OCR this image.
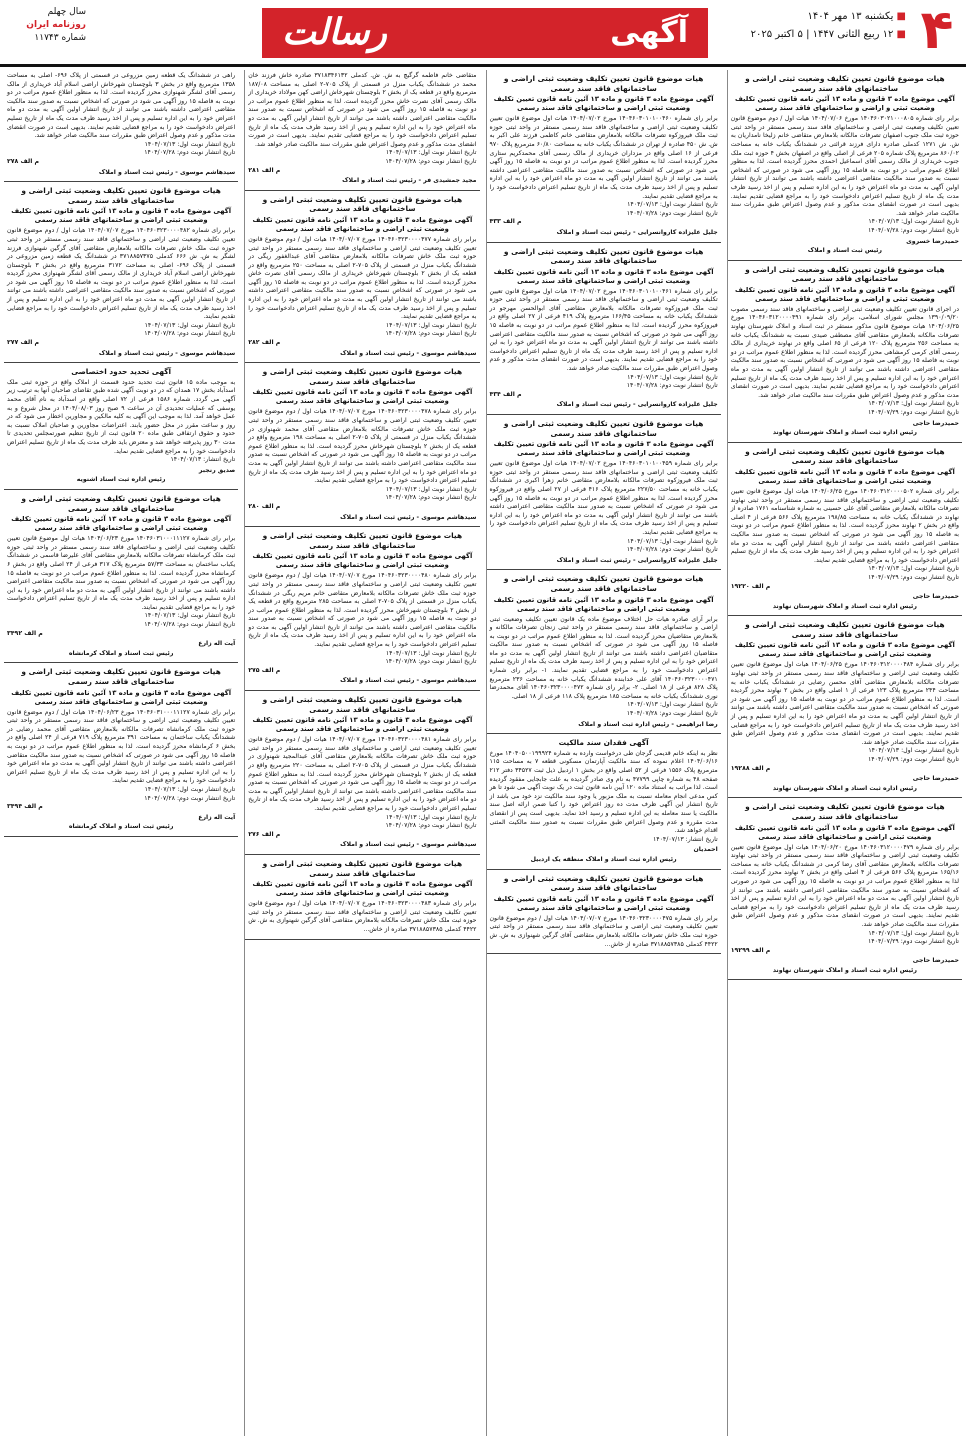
۴
■ یکشنبه ۱۳ مهر ۱۴۰۴
■ ۱۲ ربیع الثانی ۱۴۴۷ | ۵ اکتبر ۲۰۲۵
آگهی
رسالت
سال چهلم
روزنامه ایران
شماره ۱۱۷۴۳
هیات موضوع قانون تعیین تکلیف وضعیت ثبتی اراضی و ساختمانهای فاقد سند رسمی
آگهی موضوع ماده ۳ قانون و ماده ۱۳ آئین نامه قانون تعیین تکلیف وضعیت ثبتی و اراضی و ساختمانهای فاقد سند رسمی
برابر رای شماره ۱۴۰۴۶۰۳۰۲۱۰۰۰۸۰۵ مورخ ۱۴۰۴/۰۷/۰۶ هیات اول / دوم موضوع قانون تعیین تکلیف وضعیت ثبتی اراضی و ساختمانهای فاقد سند رسمی مستقر در واحد ثبتی حوزه ثبت ملک جنوب اصفهان تصرفات مالکانه بلامعارض متقاضی خانم زلیخا نامداریان به ش. ش ۱۲۷۱ کدملی صادره دارای فرزند قرائتی در ششدانگ یکباب خانه به مساحت ۸۶۰/۰۲ مترمربع پلاک شماره ۲۰۵ فرعی از اصلی واقع در اصفهان بخش ۴ حوزه ثبت ملک جنوب خریداری از مالک رسمی آقای اسماعیل احمدی محرز گردیده است. لذا به منظور اطلاع عموم مراتب در دو نوبت به فاصله ۱۵ روز آگهی می شود در صورتی که اشخاص نسبت به صدور سند مالکیت متقاضی اعتراضی داشته باشند می توانند از تاریخ انتشار اولین آگهی به مدت دو ماه اعتراض خود را به این اداره تسلیم و پس از اخذ رسید ظرف مدت یک ماه از تاریخ تسلیم اعتراض دادخواست خود را به مراجع قضایی تقدیم نمایند. بدیهی است در صورت انقضای مدت مذکور و عدم وصول اعتراض طبق مقررات سند مالکیت صادر خواهد شد.
تاریخ انتشار نوبت اول: ۱۴۰۴/۰۷/۱۳
تاریخ انتشار نوبت دوم: ۱۴۰۴/۰۷/۲۸
حمیدرضا خسروی
رئیس ثبت اسناد و املاک
هیات موضوع قانون تعیین تکلیف وضعیت ثبتی اراضی و ساختمانهای فاقد سند رسمی
آگهی موضوع ماده ۳ قانون و ماده ۱۳ آئین نامه قانون تعیین تکلیف وضعیت ثبتی و اراضی و ساختمانهای فاقد سند رسمی
در اجرای قانون تعیین تکلیف وضعیت ثبتی اراضی و ساختمانهای فاقد سند رسمی مصوب ۱۳۹۰/۰۹/۲۰ مجلس شورای اسلامی، برابر رای شماره ۱۴۰۴۶۰۳۱۲۰۰۰۰۴۹۱ مورخ ۱۴۰۴/۰۶/۲۵ هیات موضوع قانون مذکور مستقر در ثبت اسناد و املاک شهرستان نهاوند تصرفات مالکانه بلامعارض متقاضی آقای مصطفی صیدی نسبت به ششدانگ یکباب خانه به مساحت ۲۵۶ مترمربع پلاک ۱۲۰ فرعی از ۶۵ اصلی واقع در نهاوند خریداری از مالک رسمی آقای کرمی کرمشاهی محرز گردیده است. لذا به منظور اطلاع عموم مراتب در دو نوبت به فاصله ۱۵ روز آگهی می شود در صورتی که اشخاص نسبت به صدور سند مالکیت متقاضی اعتراضی داشته باشند می توانند از تاریخ انتشار اولین آگهی به مدت دو ماه اعتراض خود را به این اداره تسلیم و پس از اخذ رسید ظرف مدت یک ماه از تاریخ تسلیم اعتراض دادخواست خود را به مراجع قضایی تقدیم نمایند. بدیهی است در صورت انقضای مدت مذکور و عدم وصول اعتراض طبق مقررات سند مالکیت صادر خواهد شد.
تاریخ انتشار نوبت اول: ۱۴۰۴/۰۷/۱۳
تاریخ انتشار نوبت دوم: ۱۴۰۴/۰۷/۲۹
حمیدرضا حاجی
رئیس اداره ثبت اسناد و املاک شهرستان نهاوند
هیات موضوع قانون تعیین تکلیف وضعیت ثبتی اراضی و ساختمانهای فاقد سند رسمی
آگهی موضوع ماده ۳ قانون و ماده ۱۳ آئین نامه قانون تعیین تکلیف وضعیت ثبتی اراضی و ساختمانهای فاقد سند رسمی
برابر رای شماره ۱۴۰۴۶۰۳۱۲۰۰۰۰۵۰۲ مورخ ۱۴۰۴/۰۶/۲۵ هیات اول موضوع قانون تعیین تکلیف وضعیت ثبتی اراضی و ساختمانهای فاقد سند رسمی مستقر در واحد ثبتی نهاوند تصرفات مالکانه بلامعارض متقاضی آقای علی حسینی به شماره شناسنامه ۱۷۶۱ صادره از نهاوند در ششدانگ یکباب خانه به مساحت ۱۹۸/۸۵ مترمربع پلاک ۵۶۶ فرعی از ۴ اصلی واقع در بخش ۲ نهاوند محرز گردیده است. لذا به منظور اطلاع عموم مراتب در دو نوبت به فاصله ۱۵ روز آگهی می شود در صورتی که اشخاص نسبت به صدور سند مالکیت متقاضی اعتراضی داشته باشند می توانند از تاریخ انتشار اولین آگهی به مدت دو ماه اعتراض خود را به این اداره تسلیم و پس از اخذ رسید ظرف مدت یک ماه از تاریخ تسلیم اعتراض دادخواست خود را به مراجع قضایی تقدیم نمایند.
تاریخ انتشار نوبت اول: ۱۴۰۴/۰۷/۱۳
تاریخ انتشار نوبت دوم: ۱۴۰۴/۰۷/۲۹
م الف ۱۹۲۲۰
حمیدرضا حاجی
رئیس اداره ثبت اسناد و املاک شهرستان نهاوند
هیات موضوع قانون تعیین تکلیف وضعیت ثبتی اراضی و ساختمانهای فاقد سند رسمی
آگهی موضوع ماده ۳ قانون و ماده ۱۳ آئین نامه قانون تعیین تکلیف وضعیت ثبتی اراضی و ساختمانهای فاقد سند رسمی
برابر رای شماره ۱۴۰۴۶۰۳۱۲۰۰۰۰۴۸۴ مورخ ۱۴۰۴/۰۶/۲۵ هیات اول موضوع قانون تعیین تکلیف وضعیت ثبتی اراضی و ساختمانهای فاقد سند رسمی مستقر در واحد ثبتی نهاوند تصرفات مالکانه بلامعارض متقاضی آقای محسن رضایی در ششدانگ یکباب خانه به مساحت ۲۴۴ مترمربع پلاک ۱۲۳ فرعی از ۱ اصلی واقع در بخش ۲ نهاوند محرز گردیده است. لذا به منظور اطلاع عموم مراتب در دو نوبت به فاصله ۱۵ روز آگهی می شود در صورتی که اشخاص نسبت به صدور سند مالکیت متقاضی اعتراضی داشته باشند می توانند از تاریخ انتشار اولین آگهی به مدت دو ماه اعتراض خود را به این اداره تسلیم و پس از اخذ رسید ظرف مدت یک ماه از تاریخ تسلیم اعتراض دادخواست خود را به مراجع قضایی تقدیم نمایند. بدیهی است در صورت انقضای مدت مذکور و عدم وصول اعتراض طبق مقررات سند مالکیت صادر خواهد شد.
تاریخ انتشار نوبت اول: ۱۴۰۴/۰۷/۱۳
تاریخ انتشار نوبت دوم: ۱۴۰۴/۰۷/۲۹
م الف ۱۹۲۸۸
حمیدرضا حاجی
رئیس اداره ثبت اسناد و املاک شهرستان نهاوند
هیات موضوع قانون تعیین تکلیف وضعیت ثبتی اراضی و ساختمانهای فاقد سند رسمی
آگهی موضوع ماده ۳ قانون و ماده ۱۳ آئین نامه قانون تعیین تکلیف وضعیت ثبتی اراضی و ساختمانهای فاقد سند رسمی
برابر رای شماره ۱۴۰۴۶۰۳۱۲۰۰۰۰۴۷۹ مورخ ۱۴۰۴/۰۶/۲۰ هیات اول موضوع قانون تعیین تکلیف وضعیت ثبتی اراضی و ساختمانهای فاقد سند رسمی مستقر در واحد ثبتی نهاوند تصرفات مالکانه بلامعارض متقاضی آقای رضا کرمی در ششدانگ یکباب خانه به مساحت ۱۶۵/۱۶ مترمربع پلاک ۵۶۶ فرعی از ۴ اصلی واقع در بخش ۲ نهاوند محرز گردیده است. لذا به منظور اطلاع عموم مراتب در دو نوبت به فاصله ۱۵ روز آگهی می شود در صورتی که اشخاص نسبت به صدور سند مالکیت متقاضی اعتراضی داشته باشند می توانند از تاریخ انتشار اولین آگهی به مدت دو ماه اعتراض خود را به این اداره تسلیم و پس از اخذ رسید ظرف مدت یک ماه از تاریخ تسلیم اعتراض دادخواست خود را به مراجع قضایی تقدیم نمایند. بدیهی است در صورت انقضای مدت مذکور و عدم وصول اعتراض طبق مقررات سند مالکیت صادر خواهد شد.
تاریخ انتشار نوبت اول: ۱۴۰۴/۰۷/۱۳
تاریخ انتشار نوبت دوم: ۱۴۰۴/۰۷/۲۹
م الف ۱۹۲۹۹
حمیدرضا حاجی
رئیس اداره ثبت اسناد و املاک شهرستان نهاوند
هیات موضوع قانون تعیین تکلیف وضعیت ثبتی اراضی و ساختمانهای فاقد سند رسمی
آگهی موضوع ماده ۳ قانون و ماده ۱۳ آئین نامه قانون تعیین تکلیف وضعیت ثبتی اراضی و ساختمانهای فاقد سند رسمی
برابر رای شماره ۱۴۰۴۶۰۳۰۱۰۱۰۰۴۶۰ مورخ ۱۴۰۴/۰۷/۰۲ هیات اول موضوع قانون تعیین تکلیف وضعیت ثبتی اراضی و ساختمانهای فاقد سند رسمی مستقر در واحد ثبتی حوزه ثبت ملک فیروزکوه تصرفات مالکانه بلامعارض متقاضی خانم کاظمی فرزند علی اکبر به ش. ش ۴۵۰ صادره از تهران در ششدانگ یکباب خانه به مساحت ۶۰/۸۰ مترمربع پلاک ۹۷۰ فرعی از ۱۶ اصلی واقع در مزداران خریداری از مالک رسمی آقای محمدکریم ستاری محرز گردیده است. لذا به منظور اطلاع عموم مراتب در دو نوبت به فاصله ۱۵ روز آگهی می شود در صورتی که اشخاص نسبت به صدور سند مالکیت متقاضی اعتراضی داشته باشند می توانند از تاریخ انتشار اولین آگهی به مدت دو ماه اعتراض خود را به این اداره تسلیم و پس از اخذ رسید ظرف مدت یک ماه از تاریخ تسلیم اعتراض دادخواست خود را به مراجع قضایی تقدیم نمایند.
تاریخ انتشار نوبت اول: ۱۴۰۴/۰۷/۱۳
تاریخ انتشار نوبت دوم: ۱۴۰۴/۰۷/۲۸
م الف ۴۳۳
جلیل علیزاده کاروانسرایی - رئیس ثبت اسناد و املاک
هیات موضوع قانون تعیین تکلیف وضعیت ثبتی اراضی و ساختمانهای فاقد سند رسمی
آگهی موضوع ماده ۳ قانون و ماده ۱۳ آئین نامه قانون تعیین تکلیف وضعیت ثبتی اراضی و ساختمانهای فاقد سند رسمی
برابر رای شماره ۱۴۰۴۶۰۳۰۱۰۱۰۰۴۶۱ مورخ ۱۴۰۴/۰۷/۰۲ هیات اول موضوع قانون تعیین تکلیف وضعیت ثبتی اراضی و ساختمانهای فاقد سند رسمی مستقر در واحد ثبتی حوزه ثبت ملک فیروزکوه تصرفات مالکانه بلامعارض متقاضی آقای ابوالحسن مهرجو در ششدانگ یکباب خانه به مساحت ۱۶۶/۴۵ مترمربع پلاک ۴۱۹ فرعی از ۲۷ اصلی واقع در فیروزکوه محرز گردیده است. لذا به منظور اطلاع عموم مراتب در دو نوبت به فاصله ۱۵ روز آگهی می شود در صورتی که اشخاص نسبت به صدور سند مالکیت متقاضی اعتراضی داشته باشند می توانند از تاریخ انتشار اولین آگهی به مدت دو ماه اعتراض خود را به این اداره تسلیم و پس از اخذ رسید ظرف مدت یک ماه از تاریخ تسلیم اعتراض دادخواست خود را به مراجع قضایی تقدیم نمایند. بدیهی است در صورت انقضای مدت مذکور و عدم وصول اعتراض طبق مقررات سند مالکیت صادر خواهد شد.
تاریخ انتشار نوبت اول: ۱۴۰۴/۰۷/۱۳
تاریخ انتشار نوبت دوم: ۱۴۰۴/۰۷/۲۸
م الف ۴۳۴
جلیل علیزاده کاروانسرایی - رئیس ثبت اسناد و املاک
هیات موضوع قانون تعیین تکلیف وضعیت ثبتی اراضی و ساختمانهای فاقد سند رسمی
آگهی موضوع ماده ۳ قانون و ماده ۱۳ آئین نامه قانون تعیین تکلیف وضعیت ثبتی اراضی و ساختمانهای فاقد سند رسمی
برابر رای شماره ۱۴۰۴۶۰۳۰۱۰۱۰۰۴۵۹ مورخ ۱۴۰۴/۰۷/۰۲ هیات اول موضوع قانون تعیین تکلیف وضعیت ثبتی اراضی و ساختمانهای فاقد سند رسمی مستقر در واحد ثبتی حوزه ثبت ملک فیروزکوه تصرفات مالکانه بلامعارض متقاضی خانم زهرا اکبری در ششدانگ یکباب خانه به مساحت ۲۲۷/۵۰ مترمربع پلاک ۴۱۶ فرعی از ۲۷ اصلی واقع در فیروزکوه محرز گردیده است. لذا به منظور اطلاع عموم مراتب در دو نوبت به فاصله ۱۵ روز آگهی می شود در صورتی که اشخاص نسبت به صدور سند مالکیت متقاضی اعتراضی داشته باشند می توانند از تاریخ انتشار اولین آگهی به مدت دو ماه اعتراض خود را به این اداره تسلیم و پس از اخذ رسید ظرف مدت یک ماه از تاریخ تسلیم اعتراض دادخواست خود را به مراجع قضایی تقدیم نمایند.
تاریخ انتشار نوبت اول: ۱۴۰۴/۰۷/۱۳
تاریخ انتشار نوبت دوم: ۱۴۰۴/۰۷/۲۸
جلیل علیزاده کاروانسرایی - رئیس ثبت اسناد و املاک
هیات موضوع قانون تعیین تکلیف وضعیت ثبتی اراضی و ساختمانهای فاقد سند رسمی
آگهی موضوع ماده ۳ قانون و ماده ۱۳ آئین نامه قانون تعیین تکلیف وضعیت ثبتی اراضی و ساختمانهای فاقد سند رسمی
برابر آرای صادره هیات حل اختلاف موضوع ماده یک قانون تعیین تکلیف وضعیت ثبتی اراضی و ساختمانهای فاقد سند رسمی مستقر در واحد ثبتی زنجان تصرفات مالکانه و بلامعارض متقاضیان محرز گردیده است. لذا به منظور اطلاع عموم مراتب در دو نوبت به فاصله ۱۵ روز آگهی می شود در صورتی که اشخاص نسبت به صدور سند مالکیت متقاضیان اعتراضی داشته باشند می توانند از تاریخ انتشار اولین آگهی به مدت دو ماه اعتراض خود را به این اداره تسلیم و پس از اخذ رسید ظرف مدت یک ماه از تاریخ تسلیم اعتراض دادخواست خود را به مراجع قضایی تقدیم نمایند. ۱- برابر رای شماره ۱۴۰۴۶۰۳۲۳۰۰۰۰۴۷۱ آقای علی خدابنده ششدانگ یکباب خانه به مساحت ۲۳۶ مترمربع پلاک ۸۲۸ فرعی از ۱۸ اصلی. ۲- برابر رای شماره ۱۴۰۴۶۰۳۲۳۰۰۰۰۴۷۲ آقای محمدرضا نوری ششدانگ یکباب خانه به مساحت ۱۸۵ مترمربع پلاک ۱۱۸ فرعی از ۱۸ اصلی.
تاریخ انتشار نوبت اول: ۱۴۰۴/۰۷/۱۳
تاریخ انتشار نوبت دوم: ۱۴۰۴/۰۷/۲۸
رضا ابراهیمی - رئیس اداره ثبت اسناد و املاک
آگهی فقدان سند مالکیت
نظر به اینکه خانم قدیمی گرجان طی درخواست وارده به شماره ۱۴۰۴۰۵۰۰۱۹۹۹۲۴ مورخ ۱۴۰۴/۰۶/۱۶ اعلام نموده که سند مالکیت آپارتمان مسکونی قطعه ۷ به مساحت ۱۱۵ مترمربع پلاک ۱۵۵۶ فرعی از ۵۲ اصلی واقع در بخش ۱ اردبیل ذیل ثبت ۳۴۵۲۷ دفتر ۲۱۲ صفحه ۴۸ به شماره چاپی ۴۷۷۹۹ به نام وی صادر گردیده به علت جابجایی مفقود گردیده است. لذا مراتب به استناد ماده ۱۲۰ آیین نامه قانون ثبت در یک نوبت آگهی می شود تا هر کس مدعی انجام معامله نسبت به ملک مزبور یا وجود سند مالکیت نزد خود می باشد از تاریخ انتشار این آگهی ظرف مدت ده روز اعتراض خود را کتبا ضمن ارائه اصل سند مالکیت یا سند معامله به این اداره تسلیم و رسید اخذ نماید. بدیهی است پس از انقضای مدت مقرره و عدم وصول اعتراض طبق مقررات نسبت به صدور سند مالکیت المثنی اقدام خواهد شد.
تاریخ انتشار: ۱۴۰۴/۰۷/۱۳
احمدیان
رئیس اداره ثبت اسناد و املاک منطقه یک اردبیل
هیات موضوع قانون تعیین تکلیف وضعیت ثبتی اراضی و ساختمانهای فاقد سند رسمی
آگهی موضوع ماده ۳ قانون و ماده ۱۳ آئین نامه قانون تعیین تکلیف وضعیت ثبتی اراضی و ساختمانهای فاقد سند رسمی
برابر رای شماره ۱۴۰۴۶۰۳۲۳۰۰۰۰۴۷۵ مورخ ۱۴۰۴/۰۷/۰۷ هیات اول / دوم موضوع قانون تعیین تکلیف وضعیت ثبتی اراضی و ساختمانهای فاقد سند رسمی مستقر در واحد ثبتی حوزه ثبت ملک خاش تصرفات مالکانه بلامعارض متقاضی آقای گرگین شهنوازی به ش. ش ۴۴۲۲ کدملی ۳۷۱۸۸۵۷۳۸۵ صادره از خاش...
متقاضی خانم فاطمه گرگیچ به ش. ش. کدملی ۳۷۱۸۳۴۶۱۳۲ صادره خاش فرزند خان محمد در ششدانگ یکباب منزل در قسمتی از پلاک ۷۰۵-۲ اصلی به مساحت ۱۸۷/۰۸ مترمربع واقع در قطعه یک از بخش ۲ بلوچستان شهرخاش اراضی کهن مولاداد خریداری از مالک رسمی آقای نصرت خاش محرز گردیده است. لذا به منظور اطلاع عموم مراتب در دو نوبت به فاصله ۱۵ روز آگهی می شود در صورتی که اشخاص نسبت به صدور سند مالکیت متقاضی اعتراضی داشته باشند می توانند از تاریخ انتشار اولین آگهی به مدت دو ماه اعتراض خود را به این اداره تسلیم و پس از اخذ رسید ظرف مدت یک ماه از تاریخ تسلیم اعتراض دادخواست خود را به مراجع قضایی تقدیم نمایند. بدیهی است در صورت انقضای مدت مذکور و عدم وصول اعتراض طبق مقررات سند مالکیت صادر خواهد شد.
تاریخ انتشار نوبت اول: ۱۴۰۴/۰۷/۱۳
تاریخ انتشار نوبت دوم: ۱۴۰۴/۰۷/۲۸
م الف ۲۸۱
مجید جمشیدی فر - رئیس ثبت اسناد و املاک
هیات موضوع قانون تعیین تکلیف وضعیت ثبتی اراضی و ساختمانهای فاقد سند رسمی
آگهی موضوع ماده ۳ قانون و ماده ۱۳ آئین نامه قانون تعیین تکلیف وضعیت ثبتی اراضی و ساختمانهای فاقد سند رسمی
برابر رای شماره ۱۴۰۴۶۰۳۲۳۰۰۰۰۴۷۷ مورخ ۱۴۰۴/۰۷/۰۷ هیات اول / دوم موضوع قانون تعیین تکلیف وضعیت ثبتی اراضی و ساختمانهای فاقد سند رسمی مستقر در واحد ثبتی حوزه ثبت ملک خاش تصرفات مالکانه بلامعارض متقاضی آقای عبدالغفور ریگی در ششدانگ یکباب منزل در قسمتی از پلاک ۷۰۵-۲ اصلی به مساحت ۲۵۰ مترمربع واقع در قطعه یک از بخش ۲ بلوچستان شهرخاش خریداری از مالک رسمی آقای نصرت خاش محرز گردیده است. لذا به منظور اطلاع عموم مراتب در دو نوبت به فاصله ۱۵ روز آگهی می شود در صورتی که اشخاص نسبت به صدور سند مالکیت متقاضی اعتراضی داشته باشند می توانند از تاریخ انتشار اولین آگهی به مدت دو ماه اعتراض خود را به این اداره تسلیم و پس از اخذ رسید ظرف مدت یک ماه از تاریخ تسلیم اعتراض دادخواست خود را به مراجع قضایی تقدیم نمایند.
تاریخ انتشار نوبت اول: ۱۴۰۴/۰۷/۱۳
تاریخ انتشار نوبت دوم: ۱۴۰۴/۰۷/۲۸
م الف ۲۸۲
سیدهاشم موسوی - رئیس ثبت اسناد و املاک
هیات موضوع قانون تعیین تکلیف وضعیت ثبتی اراضی و ساختمانهای فاقد سند رسمی
آگهی موضوع ماده ۳ قانون و ماده ۱۳ آئین نامه قانون تعیین تکلیف وضعیت ثبتی اراضی و ساختمانهای فاقد سند رسمی
برابر رای شماره ۱۴۰۴۶۰۳۲۳۰۰۰۰۴۷۸ مورخ ۱۴۰۴/۰۷/۰۷ هیات اول / دوم موضوع قانون تعیین تکلیف وضعیت ثبتی اراضی و ساختمانهای فاقد سند رسمی مستقر در واحد ثبتی حوزه ثبت ملک خاش تصرفات مالکانه بلامعارض متقاضی آقای محمد شهنوازی در ششدانگ یکباب منزل در قسمتی از پلاک ۷۰۵-۲ اصلی به مساحت ۱۹۸ مترمربع واقع در قطعه یک از بخش ۲ بلوچستان شهرخاش محرز گردیده است. لذا به منظور اطلاع عموم مراتب در دو نوبت به فاصله ۱۵ روز آگهی می شود در صورتی که اشخاص نسبت به صدور سند مالکیت متقاضی اعتراضی داشته باشند می توانند از تاریخ انتشار اولین آگهی به مدت دو ماه اعتراض خود را به این اداره تسلیم و پس از اخذ رسید ظرف مدت یک ماه از تاریخ تسلیم اعتراض دادخواست خود را به مراجع قضایی تقدیم نمایند.
تاریخ انتشار نوبت اول: ۱۴۰۴/۰۷/۱۳
تاریخ انتشار نوبت دوم: ۱۴۰۴/۰۷/۲۸
م الف ۲۸۰
سیدهاشم موسوی - رئیس ثبت اسناد و املاک
هیات موضوع قانون تعیین تکلیف وضعیت ثبتی اراضی و ساختمانهای فاقد سند رسمی
آگهی موضوع ماده ۳ قانون و ماده ۱۳ آئین نامه قانون تعیین تکلیف وضعیت ثبتی اراضی و ساختمانهای فاقد سند رسمی
برابر رای شماره ۱۴۰۴۶۰۳۲۳۰۰۰۰۴۸۰ مورخ ۱۴۰۴/۰۷/۰۷ هیات اول / دوم موضوع قانون تعیین تکلیف وضعیت ثبتی اراضی و ساختمانهای فاقد سند رسمی مستقر در واحد ثبتی حوزه ثبت ملک خاش تصرفات مالکانه بلامعارض متقاضی خانم مریم ریگی در ششدانگ یکباب منزل در قسمتی از پلاک ۷۰۵-۲ اصلی به مساحت ۲۸۵ مترمربع واقع در قطعه یک از بخش ۲ بلوچستان شهرخاش محرز گردیده است. لذا به منظور اطلاع عموم مراتب در دو نوبت به فاصله ۱۵ روز آگهی می شود در صورتی که اشخاص نسبت به صدور سند مالکیت متقاضی اعتراضی داشته باشند می توانند از تاریخ انتشار اولین آگهی به مدت دو ماه اعتراض خود را به این اداره تسلیم و پس از اخذ رسید ظرف مدت یک ماه از تاریخ تسلیم اعتراض دادخواست خود را به مراجع قضایی تقدیم نمایند.
تاریخ انتشار نوبت اول: ۱۴۰۴/۰۷/۱۳
تاریخ انتشار نوبت دوم: ۱۴۰۴/۰۷/۲۸
م الف ۲۷۵
سیدهاشم موسوی - رئیس ثبت اسناد و املاک
هیات موضوع قانون تعیین تکلیف وضعیت ثبتی اراضی و ساختمانهای فاقد سند رسمی
آگهی موضوع ماده ۳ قانون و ماده ۱۳ آئین نامه قانون تعیین تکلیف وضعیت ثبتی اراضی و ساختمانهای فاقد سند رسمی
برابر رای شماره ۱۴۰۴۶۰۳۲۳۰۰۰۰۴۸۱ مورخ ۱۴۰۴/۰۷/۰۷ هیات اول / دوم موضوع قانون تعیین تکلیف وضعیت ثبتی اراضی و ساختمانهای فاقد سند رسمی مستقر در واحد ثبتی حوزه ثبت ملک خاش تصرفات مالکانه بلامعارض متقاضی آقای عبدالمجید شهنوازی در ششدانگ یکباب منزل در قسمتی از پلاک ۷۰۵-۲ اصلی به مساحت ۲۲۰ مترمربع واقع در قطعه یک از بخش ۲ بلوچستان شهرخاش محرز گردیده است. لذا به منظور اطلاع عموم مراتب در دو نوبت به فاصله ۱۵ روز آگهی می شود در صورتی که اشخاص نسبت به صدور سند مالکیت متقاضی اعتراضی داشته باشند می توانند از تاریخ انتشار اولین آگهی به مدت دو ماه اعتراض خود را به این اداره تسلیم و پس از اخذ رسید ظرف مدت یک ماه از تاریخ تسلیم اعتراض دادخواست خود را به مراجع قضایی تقدیم نمایند.
تاریخ انتشار نوبت اول: ۱۴۰۴/۰۷/۱۳
تاریخ انتشار نوبت دوم: ۱۴۰۴/۰۷/۲۸
م الف ۲۷۶
سیدهاشم موسوی - رئیس ثبت اسناد و املاک
هیات موضوع قانون تعیین تکلیف وضعیت ثبتی اراضی و ساختمانهای فاقد سند رسمی
آگهی موضوع ماده ۳ قانون و ماده ۱۳ آئین نامه قانون تعیین تکلیف وضعیت ثبتی اراضی و ساختمانهای فاقد سند رسمی
برابر رای شماره ۱۴۰۴۶۰۳۲۳۰۰۰۰۴۸۳ مورخ ۱۴۰۴/۰۷/۰۷ هیات اول / دوم موضوع قانون تعیین تکلیف وضعیت ثبتی اراضی و ساختمانهای فاقد سند رسمی مستقر در واحد ثبتی حوزه ثبت ملک خاش تصرفات مالکانه بلامعارض متقاضی آقای گرگین شهنوازی به ش. ش ۴۴۲۲ کدملی ۳۷۱۸۸۵۷۳۸۵ صادره از خاش...
راهی در ششدانگ یک قطعه زمین مزروعی در قسمتی از پلاک ۶۹۶- اصلی به مساحت ۱۳۵۸ مترمربع واقع در بخش ۳ بلوچستان شهرخاش اراضی اسلام آباد خریداری از مالک رسمی آقای لشگر شهنوازی محرز گردیده است. لذا به منظور اطلاع عموم مراتب در دو نوبت به فاصله ۱۵ روز آگهی می شود در صورتی که اشخاص نسبت به صدور سند مالکیت متقاضی اعتراضی داشته باشند می توانند از تاریخ انتشار اولین آگهی به مدت دو ماه اعتراض خود را به این اداره تسلیم و پس از اخذ رسید ظرف مدت یک ماه از تاریخ تسلیم اعتراض دادخواست خود را به مراجع قضایی تقدیم نمایند. بدیهی است در صورت انقضای مدت مذکور و عدم وصول اعتراض طبق مقررات سند مالکیت صادر خواهد شد.
تاریخ انتشار نوبت اول: ۱۴۰۴/۰۷/۱۳
تاریخ انتشار نوبت دوم: ۱۴۰۴/۰۷/۲۸
م الف ۲۷۸
سیدهاشم موسوی - رئیس ثبت اسناد و املاک
هیات موضوع قانون تعیین تکلیف وضعیت ثبتی اراضی و ساختمانهای فاقد سند رسمی
آگهی موضوع ماده ۳ قانون و ماده ۱۳ آئین نامه قانون تعیین تکلیف وضعیت ثبتی اراضی و ساختمانهای فاقد سند رسمی
برابر رای شماره ۱۴۰۴۶۰۳۲۳۰۰۰۰۴۸۲ مورخ ۱۴۰۴/۰۷/۰۷ هیات اول / دوم موضوع قانون تعیین تکلیف وضعیت ثبتی اراضی و ساختمانهای فاقد سند رسمی مستقر در واحد ثبتی حوزه ثبت ملک خاش تصرفات مالکانه بلامعارض متقاضی آقای گرگین شهنوازی فرزند لشگر به ش. ش ۶۶۶ کدملی ۳۷۱۸۸۵۷۳۷۵ در ششدانگ یک قطعه زمین مزروعی در قسمتی از پلاک ۶۹۶- اصلی به مساحت ۳۱۷۲ مترمربع واقع در بخش ۳ بلوچستان شهرخاش اراضی اسلام آباد خریداری از مالک رسمی آقای لشگر شهنوازی محرز گردیده است. لذا به منظور اطلاع عموم مراتب در دو نوبت به فاصله ۱۵ روز آگهی می شود در صورتی که اشخاص نسبت به صدور سند مالکیت متقاضی اعتراضی داشته باشند می توانند از تاریخ انتشار اولین آگهی به مدت دو ماه اعتراض خود را به این اداره تسلیم و پس از اخذ رسید ظرف مدت یک ماه از تاریخ تسلیم اعتراض دادخواست خود را به مراجع قضایی تقدیم نمایند.
تاریخ انتشار نوبت اول: ۱۴۰۴/۰۷/۱۳
تاریخ انتشار نوبت دوم: ۱۴۰۴/۰۷/۲۸
م الف ۲۷۷
سیدهاشم موسوی - رئیس ثبت اسناد و املاک
آگهی تحدید حدود اختصاصی
به موجب ماده ۱۵ قانون ثبت تحدید حدود قسمت از املاک واقع در حوزه ثبتی ملک اسدآباد بخش ۱۷ همدان که در دو نوبت آگهی شده طبق تقاضای صاحبان آنها به ترتیب زیر آگهی می گردد. شماره ۱۵۸۶ فرعی از ۷۲ اصلی واقع در اسدآباد به نام آقای محمد یوسفی که عملیات تحدیدی آن در ساعت ۹ صبح روز ۱۴۰۴/۰۸/۰۳ در محل شروع و به عمل خواهد آمد. لذا به موجب این آگهی به کلیه مالکین و مجاورین اخطار می شود که در روز و ساعت مقرر در محل حضور یابند. اعتراضات مجاورین و صاحبان املاک نسبت به حدود و حقوق ارتفاقی طبق ماده ۲۰ قانون ثبت از تاریخ تنظیم صورتمجلس تحدیدی تا مدت ۳۰ روز پذیرفته خواهد شد و معترض باید ظرف مدت یک ماه از تاریخ تسلیم اعتراض دادخواست خود را به مراجع قضایی تقدیم نماید.
تاریخ انتشار: ۱۴۰۴/۰۷/۱۳
صدیق رنجبر
رئیس اداره ثبت اسناد اشنویه
هیات موضوع قانون تعیین تکلیف وضعیت ثبتی اراضی و ساختمانهای فاقد سند رسمی
آگهی موضوع ماده ۳ قانون و ماده ۱۳ آئین نامه قانون تعیین تکلیف وضعیت ثبتی اراضی و ساختمانهای فاقد سند رسمی
برابر رای شماره ۱۴۰۴۶۰۳۱۰۰۰۱۱۱۲۷ مورخ ۱۴۰۴/۰۶/۲۳ هیات اول موضوع قانون تعیین تکلیف وضعیت ثبتی اراضی و ساختمانهای فاقد سند رسمی مستقر در واحد ثبتی حوزه ثبت ملک کرمانشاه تصرفات مالکانه بلامعارض متقاضی آقای علیرضا قاسمی در ششدانگ یکباب ساختمان به مساحت ۵۷/۳۳ مترمربع پلاک ۳۱۷ فرعی از ۲۴ اصلی واقع در بخش ۶ کرمانشاه محرز گردیده است. لذا به منظور اطلاع عموم مراتب در دو نوبت به فاصله ۱۵ روز آگهی می شود در صورتی که اشخاص نسبت به صدور سند مالکیت متقاضی اعتراضی داشته باشند می توانند از تاریخ انتشار اولین آگهی به مدت دو ماه اعتراض خود را به این اداره تسلیم و پس از اخذ رسید ظرف مدت یک ماه از تاریخ تسلیم اعتراض دادخواست خود را به مراجع قضایی تقدیم نمایند.
تاریخ انتشار نوبت اول: ۱۴۰۴/۰۷/۱۳
تاریخ انتشار نوبت دوم: ۱۴۰۴/۰۷/۲۸
م الف ۳۴۹۲
آیت اله زارع
رئیس ثبت اسناد و املاک کرمانشاه
هیات موضوع قانون تعیین تکلیف وضعیت ثبتی اراضی و ساختمانهای فاقد سند رسمی
آگهی موضوع ماده ۳ قانون و ماده ۱۳ آئین نامه قانون تعیین تکلیف وضعیت ثبتی اراضی و ساختمانهای فاقد سند رسمی
برابر رای شماره ۱۴۰۴۶۰۳۱۰۰۰۱۱۱۲۷ مورخ ۱۴۰۴/۰۶/۲۳ هیات اول / دوم موضوع قانون تعیین تکلیف وضعیت ثبتی اراضی و ساختمانهای فاقد سند رسمی مستقر در واحد ثبتی حوزه ثبت ملک کرمانشاه تصرفات مالکانه بلامعارض متقاضی آقای محمد رضایی در ششدانگ یکباب ساختمان به مساحت ۳۹۱ مترمربع پلاک ۷۱۹ فرعی از ۲۴ اصلی واقع در بخش ۶ کرمانشاه محرز گردیده است. لذا به منظور اطلاع عموم مراتب در دو نوبت به فاصله ۱۵ روز آگهی می شود در صورتی که اشخاص نسبت به صدور سند مالکیت متقاضی اعتراضی داشته باشند می توانند از تاریخ انتشار اولین آگهی به مدت دو ماه اعتراض خود را به این اداره تسلیم و پس از اخذ رسید ظرف مدت یک ماه از تاریخ تسلیم اعتراض دادخواست خود را به مراجع قضایی تقدیم نمایند.
تاریخ انتشار نوبت اول: ۱۴۰۴/۰۷/۱۳
تاریخ انتشار نوبت دوم: ۱۴۰۴/۰۷/۲۸
م الف ۳۴۹۴
آیت اله زارع
رئیس ثبت اسناد و املاک کرمانشاه
